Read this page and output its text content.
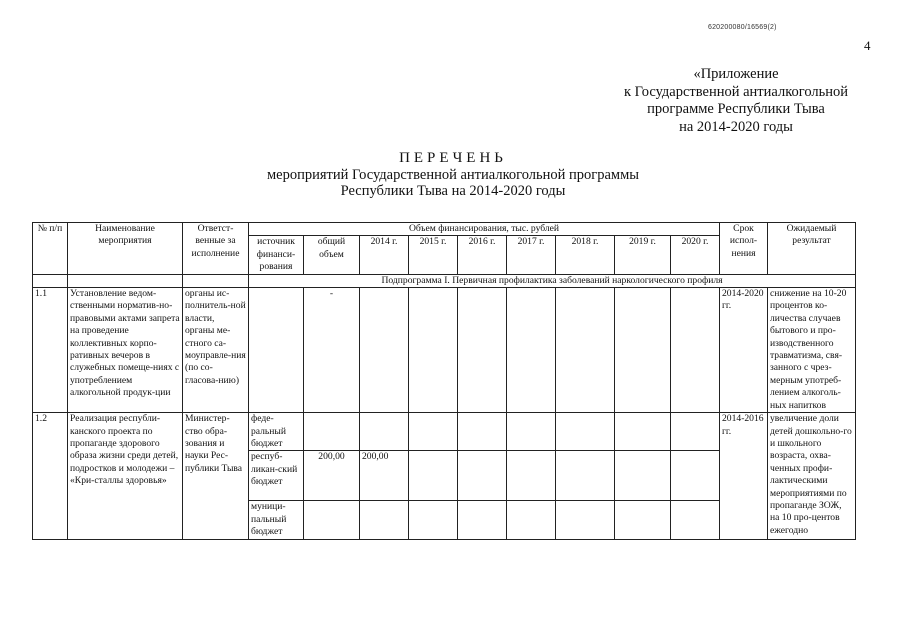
620200080/16569(2)
4
«Приложение
к Государственной антиалкогольной
программе Республики Тыва
на 2014-2020 годы
ПЕРЕЧЕНЬ
мероприятий Государственной антиалкогольной программы
Республики Тыва на 2014-2020 годы
№ п/п	Наименование мероприятия	Ответст-венные за исполнение	Объем финансирования, тыс. рублей									Срок испол-нения	Ожидаемый результат
			источник финанси-рования	общий объем	2014 г.	2015 г.	2016 г.	2017 г.	2018 г.	2019 г.	2020 г.		
			Подпрограмма I. Первичная профилактика заболеваний наркологического профиля										
1.1	Установление ведом-ственными норматив-но-правовыми актами запрета на проведение коллективных корпо-ративных вечеров в служебных помеще-ниях с употреблением алкогольной продук-ции	органы ис-полнитель-ной власти, органы ме-стного са-моуправле-ния (по со-гласова-нию)		-								2014-2020 гг.	снижение на 10-20 процентов ко-личества случаев бытового и про-изводственного травматизма, свя-занного с чрез-мерным употреб-лением алкоголь-ных напитков
1.2	Реализация республи-канского проекта по пропаганде здорового образа жизни среди детей, подростков и молодежи – «Кри-сталлы здоровья»	Министер-ство обра-зования и науки Рес-публики Тыва	феде-ральный бюджет									2014-2016 гг.	увеличение доли детей дошкольно-го и школьного возраста, охва-ченных профи-лактическими мероприятиями по пропаганде ЗОЖ, на 10 про-центов ежегодно
			респуб-ликан-ский бюджет	200,00	200,00								
			муници-пальный бюджет										
